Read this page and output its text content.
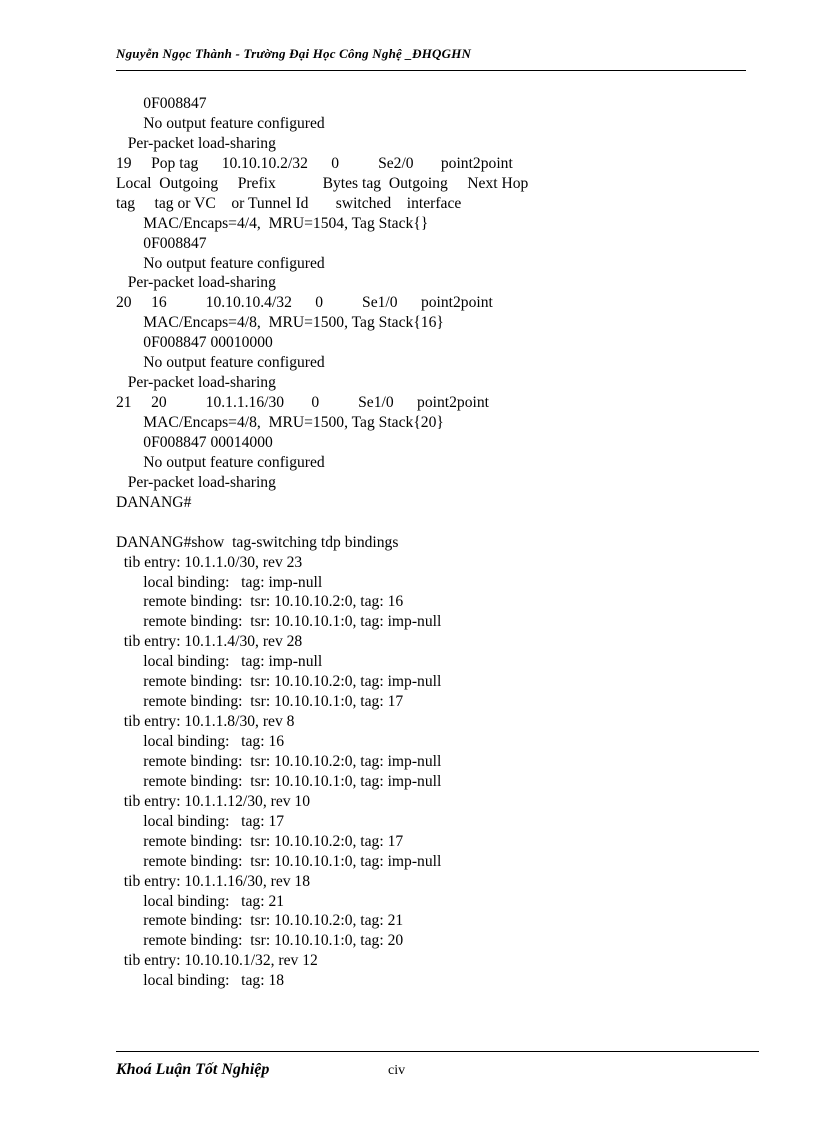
Nguyễn Ngọc Thành - Trường Đại Học Công Nghệ _ĐHQGHN
0F008847
No output feature configured
Per-packet load-sharing
19     Pop tag      10.10.10.2/32      0          Se2/0       point2point
Local  Outgoing     Prefix            Bytes tag  Outgoing     Next Hop
tag     tag or VC    or Tunnel Id       switched    interface
MAC/Encaps=4/4,  MRU=1504, Tag Stack{}
0F008847
No output feature configured
Per-packet load-sharing
20     16          10.10.10.4/32      0          Se1/0      point2point
MAC/Encaps=4/8,  MRU=1500, Tag Stack{16}
0F008847 00010000
No output feature configured
Per-packet load-sharing
21     20          10.1.1.16/30       0          Se1/0      point2point
MAC/Encaps=4/8,  MRU=1500, Tag Stack{20}
0F008847 00014000
No output feature configured
Per-packet load-sharing
DANANG#
DANANG#show  tag-switching tdp bindings
tib entry: 10.1.1.0/30, rev 23
local binding:   tag: imp-null
remote binding:  tsr: 10.10.10.2:0, tag: 16
remote binding:  tsr: 10.10.10.1:0, tag: imp-null
tib entry: 10.1.1.4/30, rev 28
local binding:   tag: imp-null
remote binding:  tsr: 10.10.10.2:0, tag: imp-null
remote binding:  tsr: 10.10.10.1:0, tag: 17
tib entry: 10.1.1.8/30, rev 8
local binding:   tag: 16
remote binding:  tsr: 10.10.10.2:0, tag: imp-null
remote binding:  tsr: 10.10.10.1:0, tag: imp-null
tib entry: 10.1.1.12/30, rev 10
local binding:   tag: 17
remote binding:  tsr: 10.10.10.2:0, tag: 17
remote binding:  tsr: 10.10.10.1:0, tag: imp-null
tib entry: 10.1.1.16/30, rev 18
local binding:   tag: 21
remote binding:  tsr: 10.10.10.2:0, tag: 21
remote binding:  tsr: 10.10.10.1:0, tag: 20
tib entry: 10.10.10.1/32, rev 12
local binding:   tag: 18
Khoá Luận Tốt Nghiệp	civ
